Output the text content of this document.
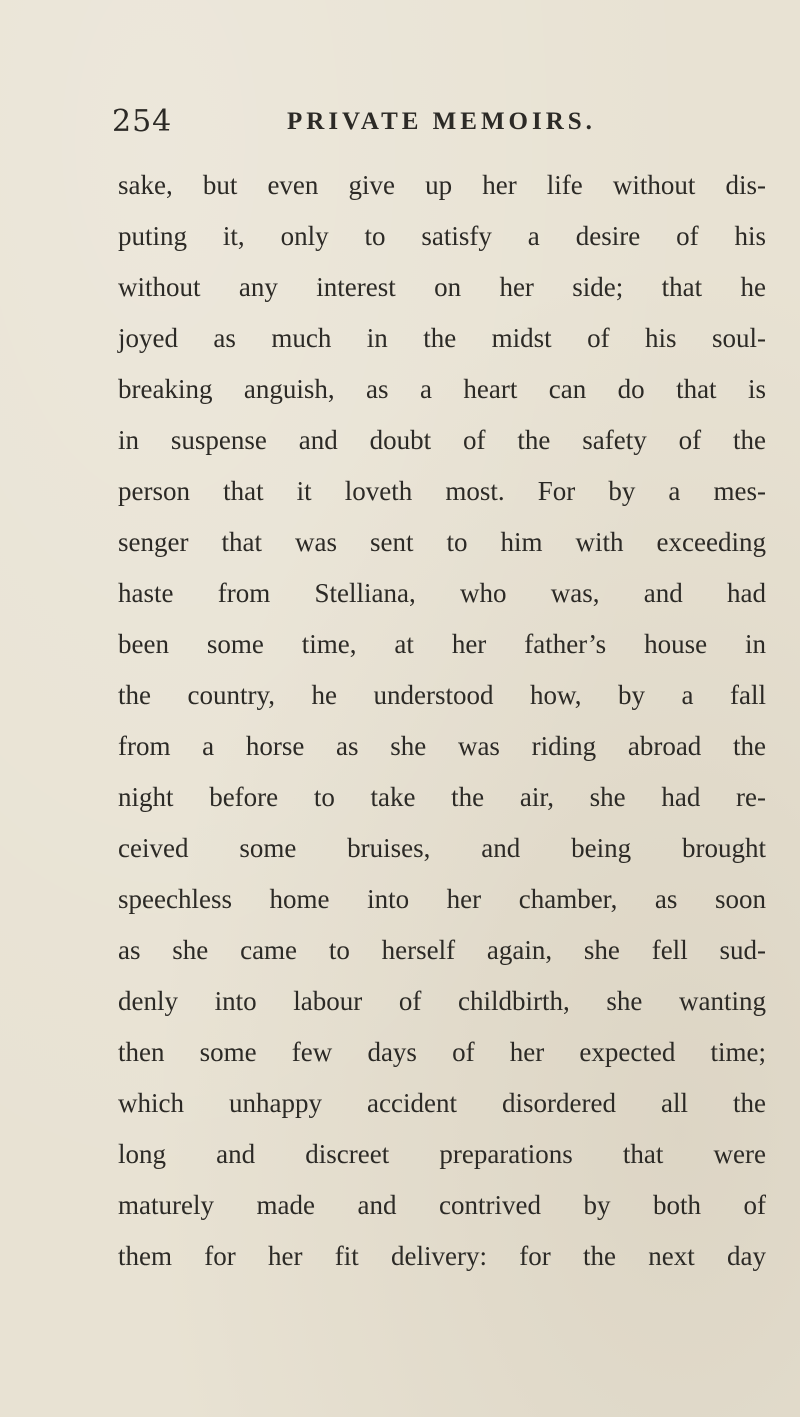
254	PRIVATE MEMOIRS.
sake, but even give up her life without dis-
puting it, only to satisfy a desire of his
without any interest on her side; that he
joyed as much in the midst of his soul-
breaking anguish, as a heart can do that is
in suspense and doubt of the safety of the
person that it loveth most. For by a mes-
senger that was sent to him with exceeding
haste from Stelliana, who was, and had
been some time, at her father’s house in
the country, he understood how, by a fall
from a horse as she was riding abroad the
night before to take the air, she had re-
ceived some bruises, and being brought
speechless home into her chamber, as soon
as she came to herself again, she fell sud-
denly into labour of childbirth, she wanting
then some few days of her expected time;
which unhappy accident disordered all the
long and discreet preparations that were
maturely made and contrived by both of
them for her fit delivery: for the next day
